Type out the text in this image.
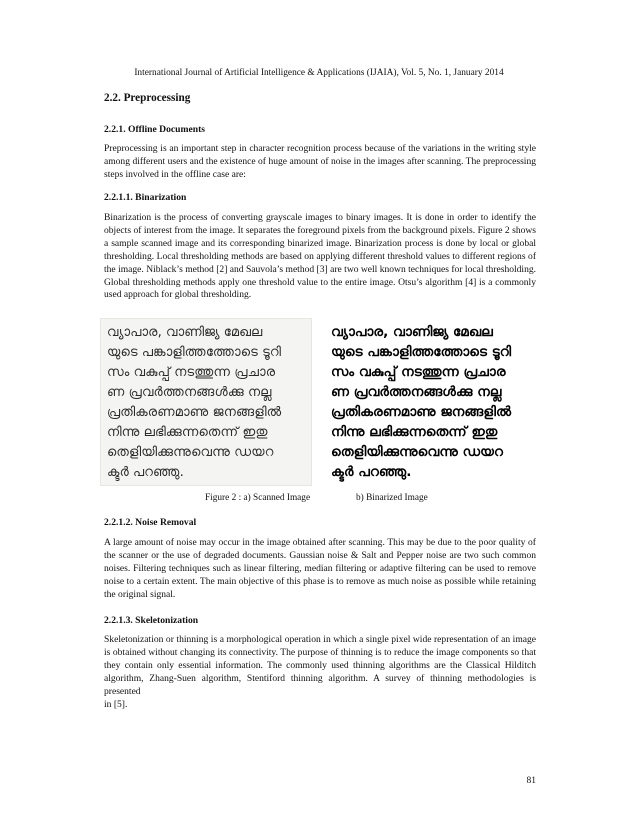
International Journal of Artificial Intelligence & Applications (IJAIA), Vol. 5, No. 1, January 2014
2.2. Preprocessing
2.2.1. Offline Documents

Preprocessing is an important step in character recognition process because of the variations in the writing style among different users and the existence of huge amount of noise in the images after scanning. The preprocessing steps involved in the offline case are:

2.2.1.1. Binarization

Binarization is the process of converting grayscale images to binary images. It is done in order to identify the objects of interest from the image. It separates the foreground pixels from the background pixels. Figure 2 shows a sample scanned image and its corresponding binarized image. Binarization process is done by local or global thresholding. Local thresholding methods are based on applying different threshold values to different regions of the image. Niblack’s method [2] and Sauvola’s method [3] are two well known techniques for local thresholding. Global thresholding methods apply one threshold value to the entire image. Otsu’s algorithm [4] is a commonly used approach for global thresholding.

വ്യാപാര, വാണിജ്യ മേഖല
യുടെ പങ്കാളിത്തത്തോടെ ടൂറി
സം വകുപ്പ് നടത്തുന്ന പ്രചാര
ണ പ്രവർത്തനങ്ങൾക്കു നല്ല
പ്രതികരണമാണു ജനങ്ങളിൽ
നിന്നു ലഭിക്കുന്നതെന്ന് ഇതു
തെളിയിക്കുന്നുവെന്നു ഡയറ
ക്ടർ പറഞ്ഞു.
വ്യാപാര, വാണിജ്യ മേഖല
യുടെ പങ്കാളിത്തത്തോടെ ടൂറി
സം വകുപ്പ് നടത്തുന്ന പ്രചാര
ണ പ്രവർത്തനങ്ങൾക്കു നല്ല
പ്രതികരണമാണു ജനങ്ങളിൽ
നിന്നു ലഭിക്കുന്നതെന്ന് ഇതു
തെളിയിക്കുന്നുവെന്നു ഡയറ
ക്ടർ പറഞ്ഞു.
Figure 2 : a) Scanned Image	b) Binarized Image
2.2.1.2. Noise Removal

A large amount of noise may occur in the image obtained after scanning. This may be due to the poor quality of the scanner or the use of degraded documents. Gaussian noise & Salt and Pepper noise are two such common noises. Filtering techniques such as linear filtering, median filtering or adaptive filtering can be used to remove noise to a certain extent. The main objective of this phase is to remove as much noise as possible while retaining the original signal.

2.2.1.3. Skeletonization

Skeletonization or thinning is a morphological operation in which a single pixel wide representation of an image is obtained without changing its connectivity. The purpose of thinning is to reduce the image components so that they contain only essential information. The commonly used thinning algorithms are the Classical Hilditch algorithm, Zhang-Suen algorithm, Stentiford thinning algorithm. A survey of thinning methodologies is presented
in [5].

81
